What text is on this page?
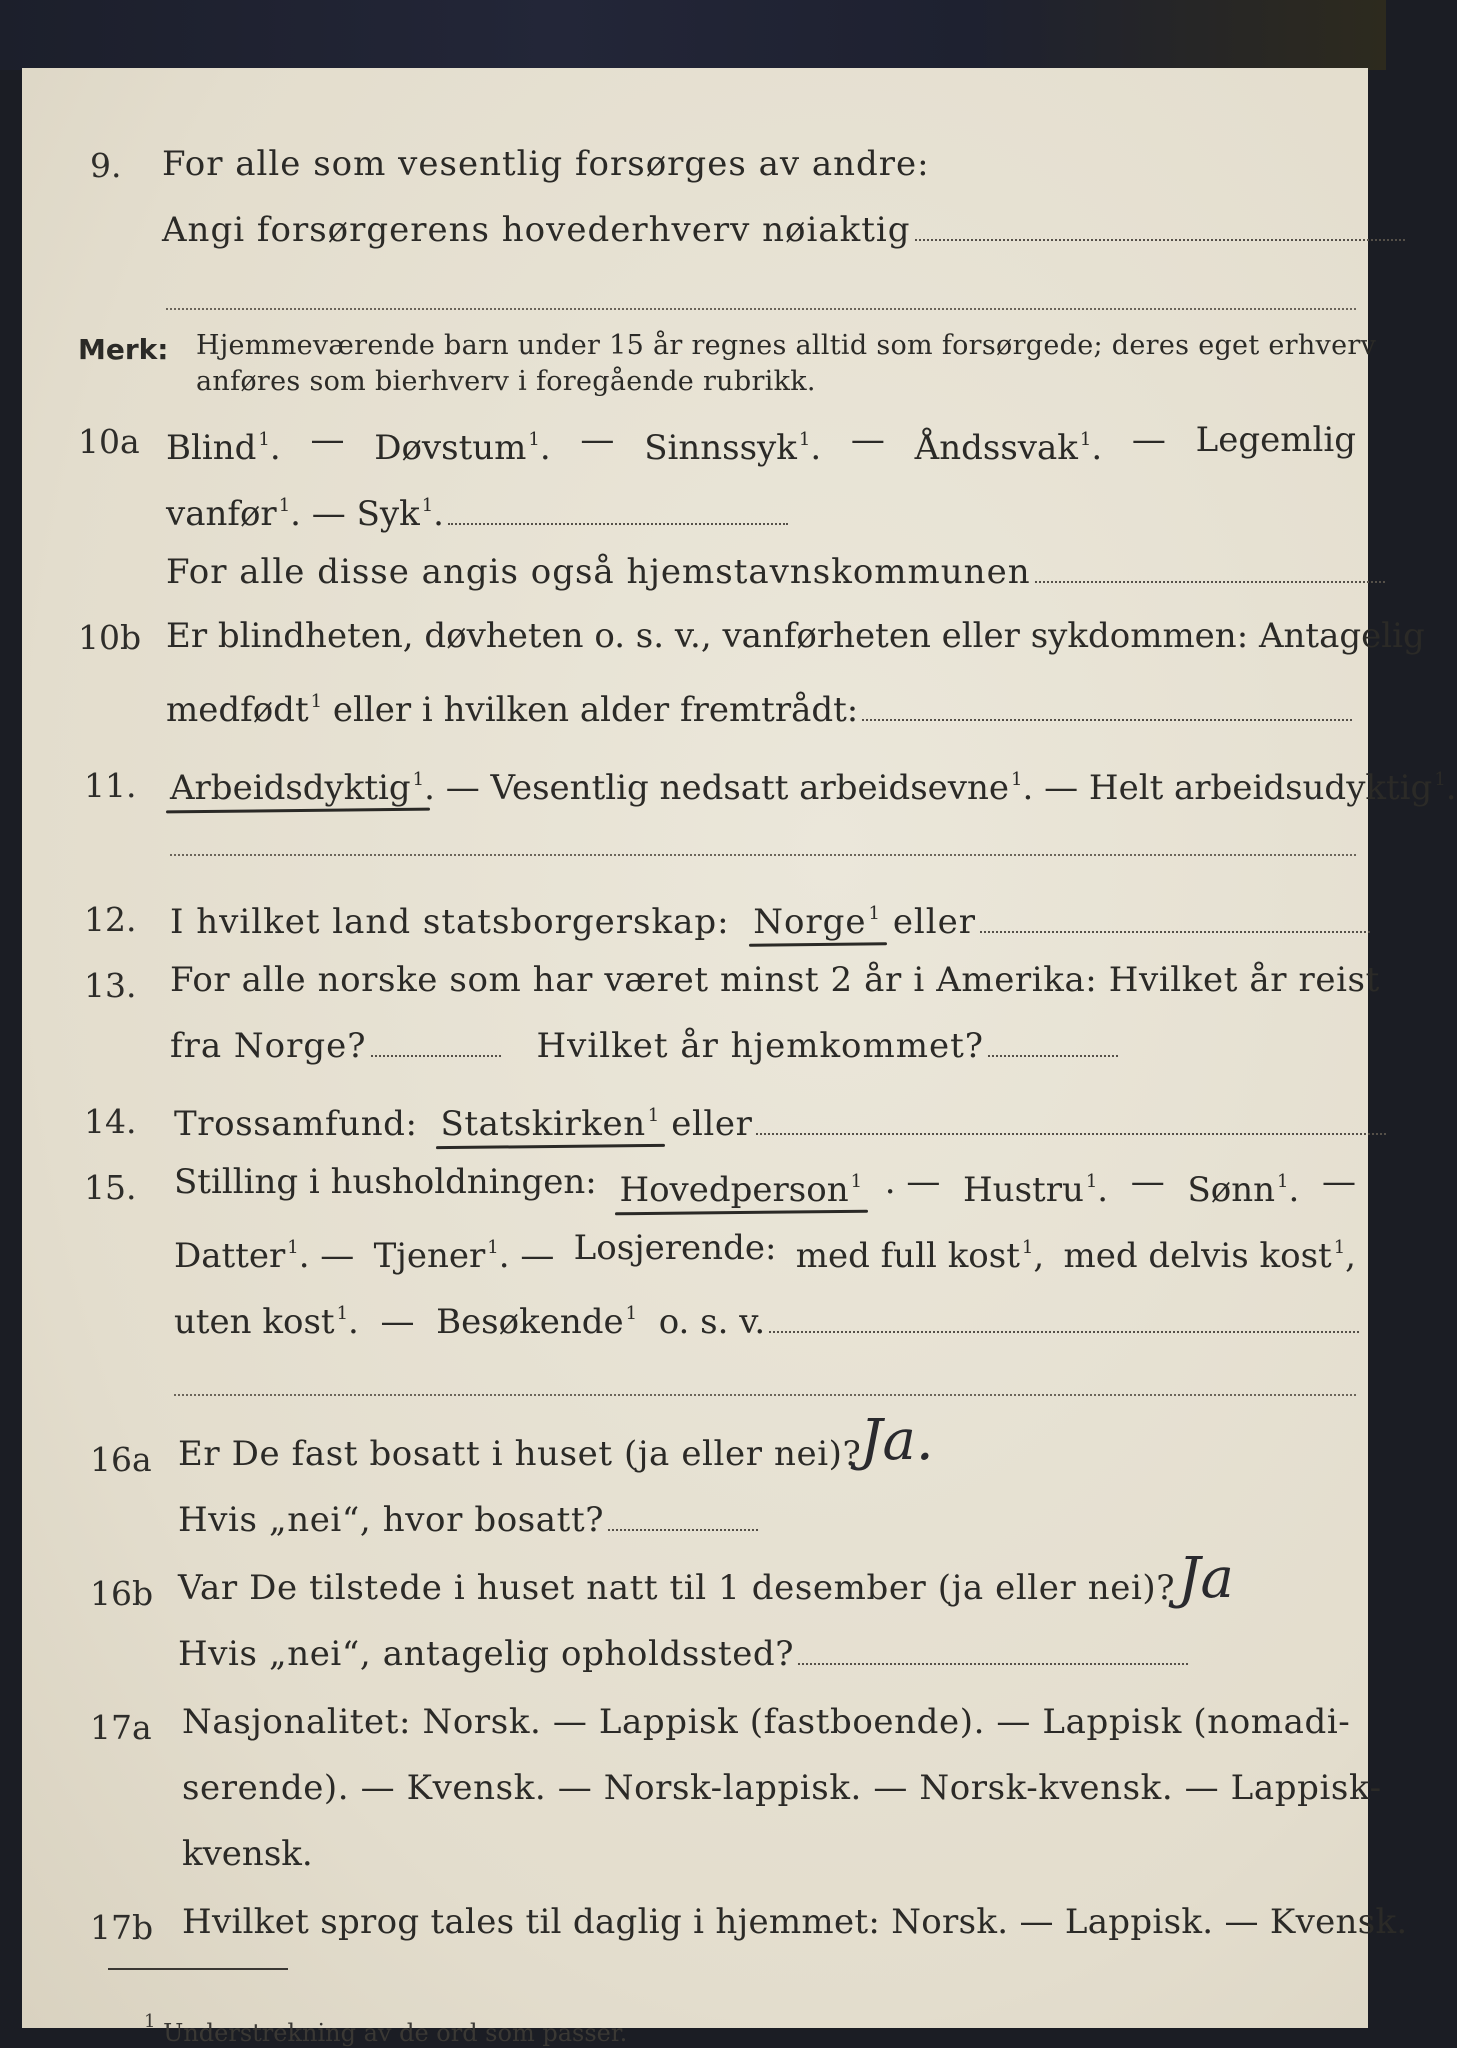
9. For alle som vesentlig forsørges av andre:
Angi forsørgerens hovederhverv nøiaktig
Merk: Hjemmeværende barn under 15 år regnes alltid som forsørgede; deres eget erhverv
anføres som bierhverv i foregående rubrikk.
10a Blind $^1$. — Døvstum $^1$. — Sinnssyk $^1$. — Åndssvak $^1$. — Legemlig
vanfør $^1$. — Syk $^1$.
For alle disse angis også hjemstavnskommunen
10b Er blindheten, døvheten o. s. v., vanførheten eller sykdommen: Antagelig
medfødt $^1$ eller i hvilken alder fremtrådt:
11. Arbeidsdyktig $^1$. — Vesentlig nedsatt arbeidsevne $^1$. — Helt arbeidsudyktig $^1$.
12. I hvilket land statsborgerskap: Norge $^1$ eller
13. For alle norske som har været minst 2 år i Amerika: Hvilket år reist
fra Norge?	Hvilket år hjemkommet?
14. Trossamfund: Statskirken $^1$ eller
15. Stilling i husholdningen: Hovedperson $^1$ . — Hustru $^1$. — Sønn $^1$. —
Datter $^1$. — Tjener $^1$. — Losjerende: med full kost $^1$, med delvis kost $^1$,
uten kost $^1$.  —  Besøkende $^1$ o. s. v.
16a Er De fast bosatt i huset (ja eller nei)?
Ja.
Hvis „nei“, hvor bosatt?
16b Var De tilstede i huset natt til 1 desember (ja eller nei)? Ja
Hvis „nei“, antagelig opholdssted?
17a Nasjonalitet: Norsk. — Lappisk (fastboende). — Lappisk (nomadi-
serende). — Kvensk. — Norsk-lappisk. — Norsk-kvensk. — Lappisk-
kvensk.
17b Hvilket sprog tales til daglig i hjemmet: Norsk. — Lappisk. — Kvensk.
$^1$ Understrekning av de ord som passer.
